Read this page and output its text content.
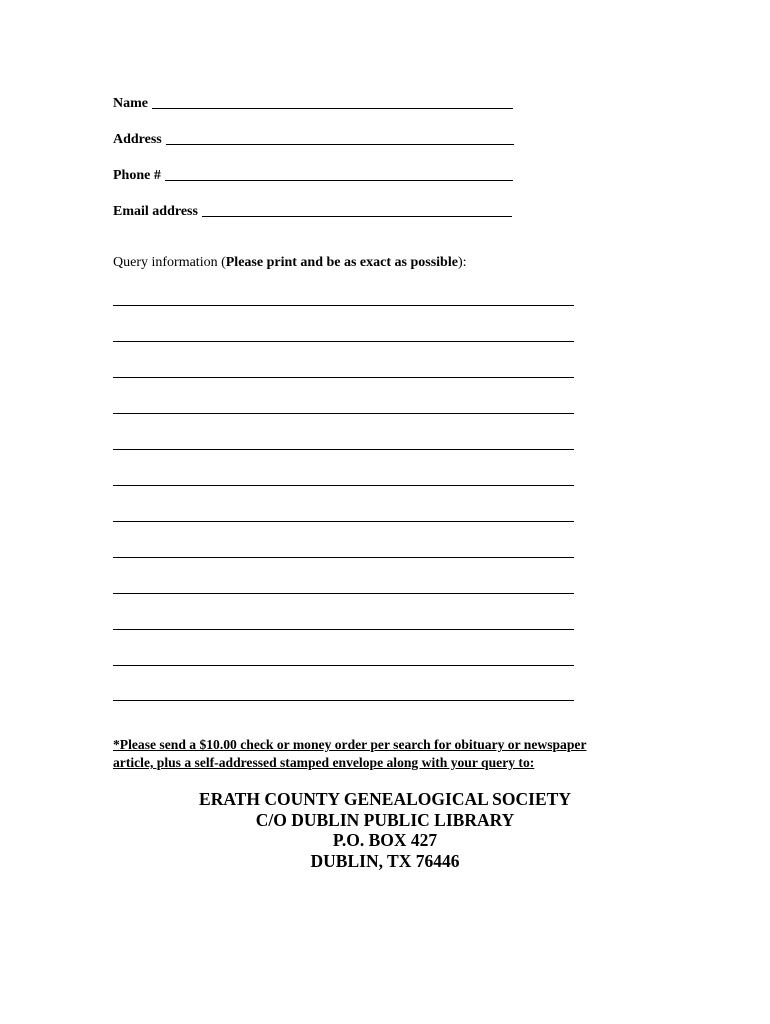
Name
Address
Phone #
Email address
Query information (Please print and be as exact as possible):
*Please send a $10.00 check or money order per search for obituary or newspaper
article, plus a self-addressed stamped envelope along with your query to:
ERATH COUNTY GENEALOGICAL SOCIETY
C/O DUBLIN PUBLIC LIBRARY
P.O. BOX 427
DUBLIN, TX 76446
